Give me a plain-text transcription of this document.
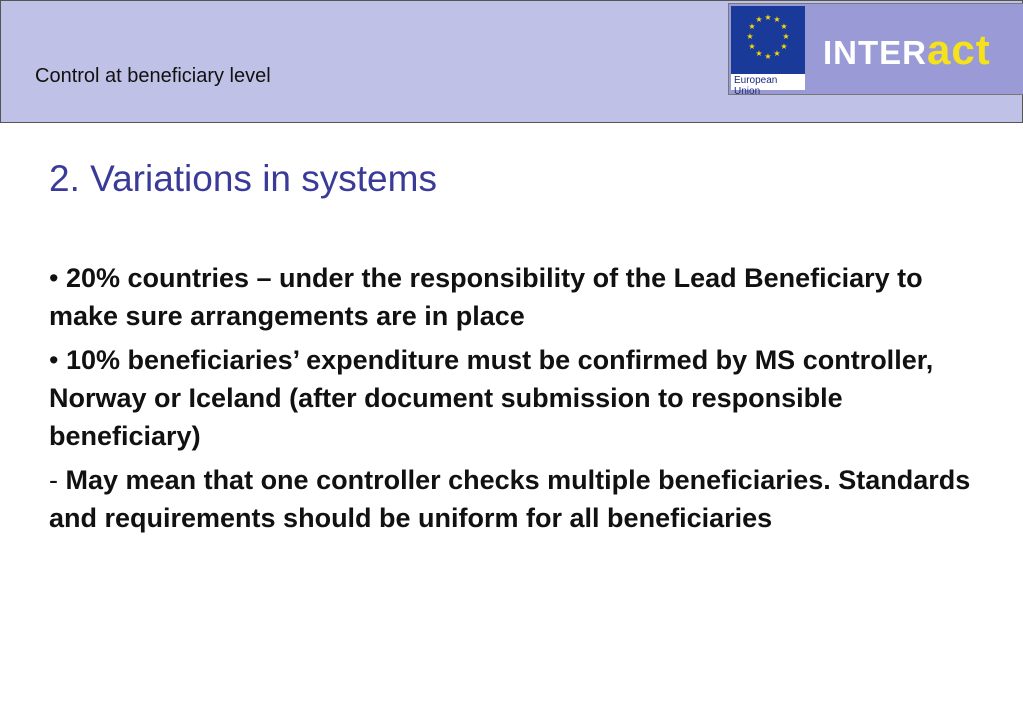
Control at beneficiary level
★ ★
★
★
★
★
★
★
★
★
★
★
European Union
INTERact
2. Variations in systems

• 20% countries – under the responsibility of the Lead Beneficiary to make sure arrangements are in place

• 10% beneficiaries’ expenditure must be confirmed by MS controller, Norway or Iceland (after document submission to responsible beneficiary)

- May mean that one controller checks multiple beneficiaries. Standards and requirements should be uniform for all beneficiaries
